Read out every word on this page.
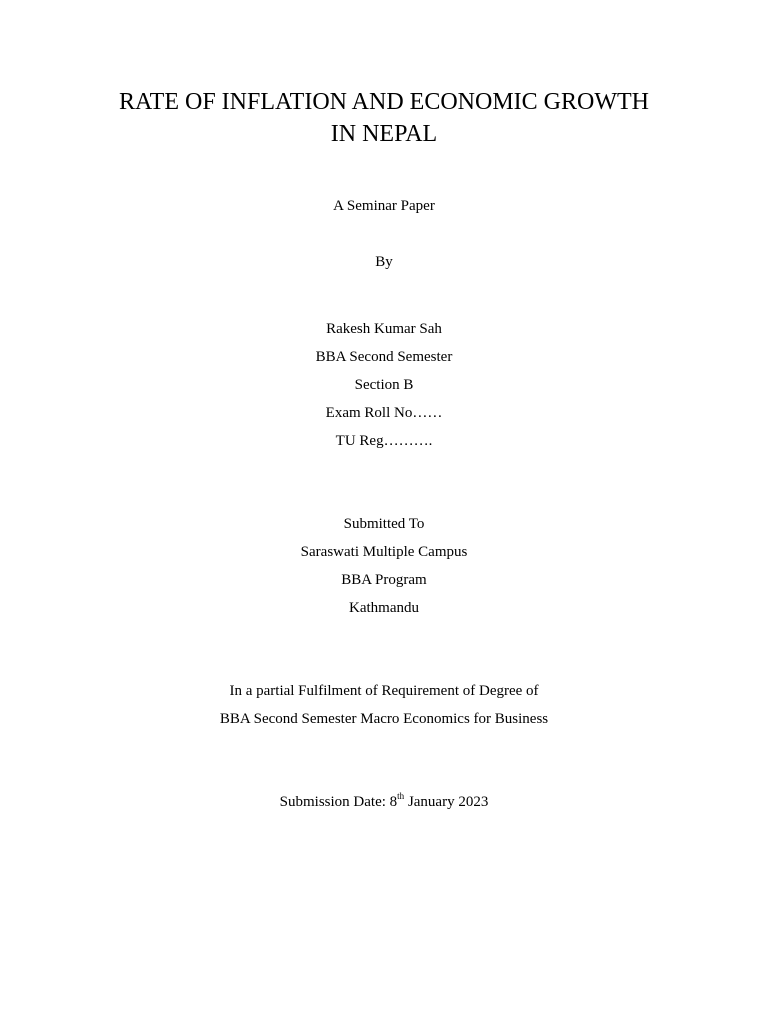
RATE OF INFLATION AND ECONOMIC GROWTH
IN NEPAL
A Seminar Paper
By
Rakesh Kumar Sah
BBA Second Semester
Section B
Exam Roll No……
TU Reg……….
Submitted To
Saraswati Multiple Campus
BBA Program
Kathmandu
In a partial Fulfilment of Requirement of Degree of
BBA Second Semester Macro Economics for Business
Submission Date: 8th January 2023
